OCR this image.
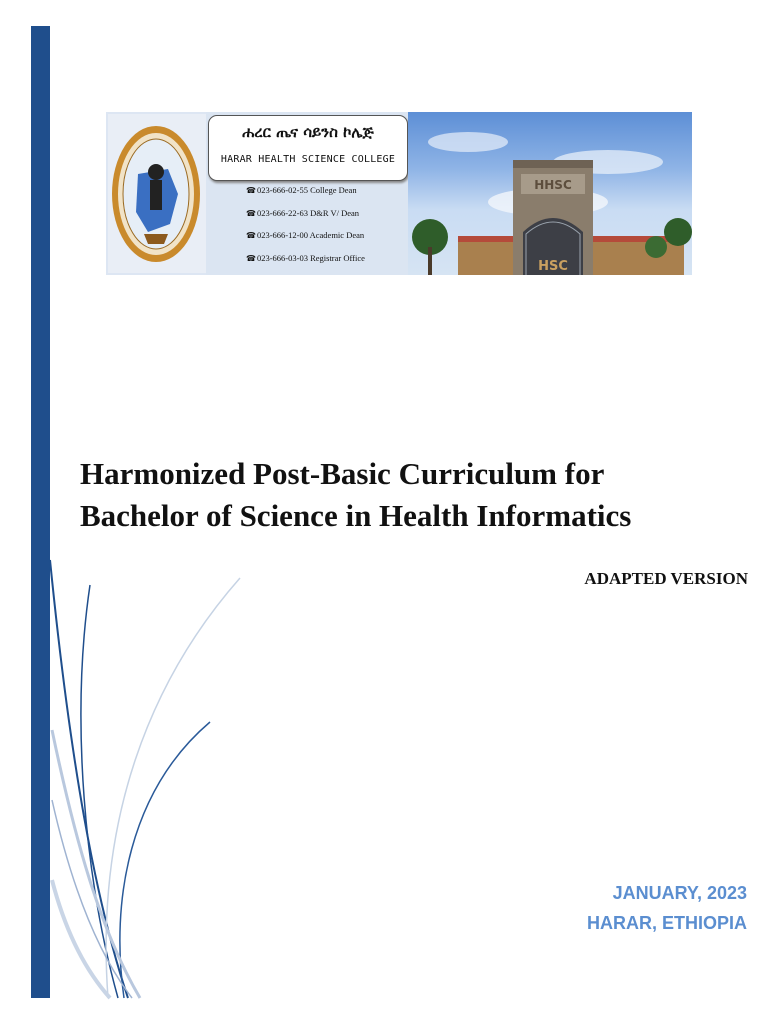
ሐረር ጤና ሳይንስ ኮሌጅ
HARAR HEALTH SCIENCE COLLEGE
☎023-666-02-55 College Dean
☎023-666-22-63 D&R V/ Dean
☎023-666-12-00 Academic Dean
☎023-666-03-03 Registrar Office
HHSC
HSC
Harmonized Post-Basic Curriculum for
Bachelor of Science in Health Informatics
ADAPTED VERSION
JANUARY, 2023
HARAR, ETHIOPIA
